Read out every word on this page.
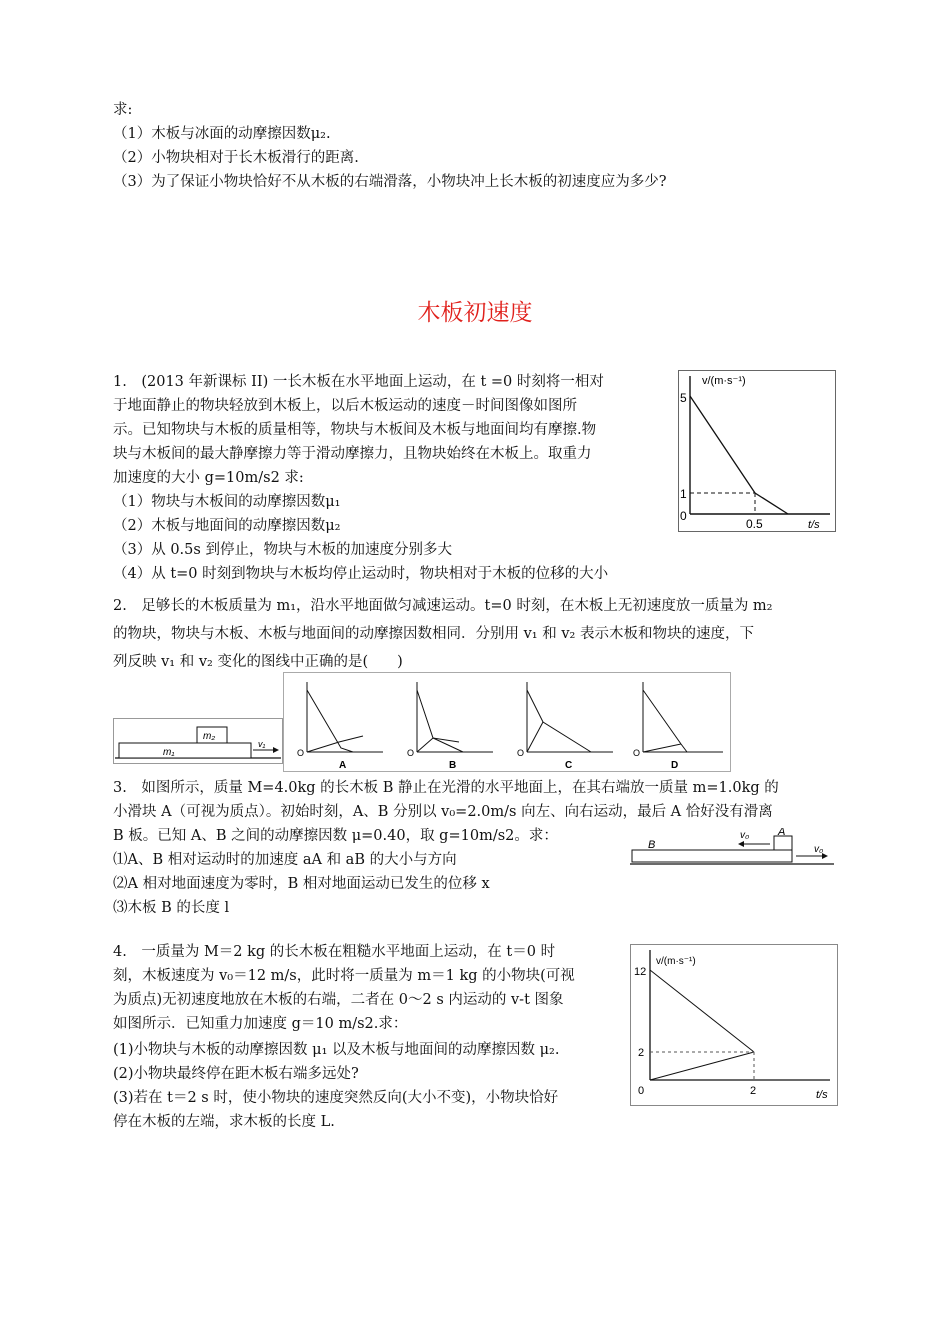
求:
（1）木板与冰面的动摩擦因数μ₂.
（2）小物块相对于长木板滑行的距离.
（3）为了保证小物块恰好不从木板的右端滑落，小物块冲上长木板的初速度应为多少?
木板初速度
1.　(2013 年新课标 II) 一长木板在水平地面上运动，在 t =0 时刻将一相对
于地面静止的物块轻放到木板上，以后木板运动的速度－时间图像如图所
示。已知物块与木板的质量相等，物块与木板间及木板与地面间均有摩擦.物
块与木板间的最大静摩擦力等于滑动摩擦力，且物块始终在木板上。取重力
加速度的大小 g=10m/s2 求:
（1）物块与木板间的动摩擦因数μ₁
（2）木板与地面间的动摩擦因数μ₂
（3）从 0.5s 到停止，物块与木板的加速度分别多大
（4）从 t=0 时刻到物块与木板均停止运动时，物块相对于木板的位移的大小
v/(m·s⁻¹)
t/s
5
1
0
0.5
2.　足够长的木板质量为 m₁，沿水平地面做匀减速运动。t=0 时刻，在木板上无初速度放一质量为 m₂
的物块，物块与木板、木板与地面间的动摩擦因数相同．分别用 v₁ 和 v₂ 表示木板和物块的速度，下
列反映 v₁ 和 v₂ 变化的图线中正确的是(　　)
m₂
m₁
v₁
O
A
O
B
O
C
O
D
3.　如图所示，质量 M=4.0kg 的长木板 B 静止在光滑的水平地面上，在其右端放一质量 m=1.0kg 的
小滑块 A（可视为质点）。初始时刻，A、B 分别以 v₀=2.0m/s 向左、向右运动，最后 A 恰好没有滑离
B 板。已知 A、B 之间的动摩擦因数 μ=0.40，取 g=10m/s2。求：
⑴A、B 相对运动时的加速度 aA 和 aB 的大小与方向
⑵A 相对地面速度为零时，B 相对地面运动已发生的位移 x
⑶木板 B 的长度 l
B
A
v₀
v₀
4.　一质量为 M＝2 kg 的长木板在粗糙水平地面上运动，在 t＝0 时
刻，木板速度为 v₀＝12 m/s，此时将一质量为 m＝1 kg 的小物块(可视
为质点)无初速度地放在木板的右端，二者在 0～2 s 内运动的 v-t 图象
如图所示．已知重力加速度 g＝10 m/s2.求：
(1)小物块与木板的动摩擦因数 μ₁ 以及木板与地面间的动摩擦因数 μ₂.
(2)小物块最终停在距木板右端多远处?
(3)若在 t＝2 s 时，使小物块的速度突然反向(大小不变)，小物块恰好
停在木板的左端，求木板的长度 L.
v/(m·s⁻¹)
t/s
12
2
0	2
